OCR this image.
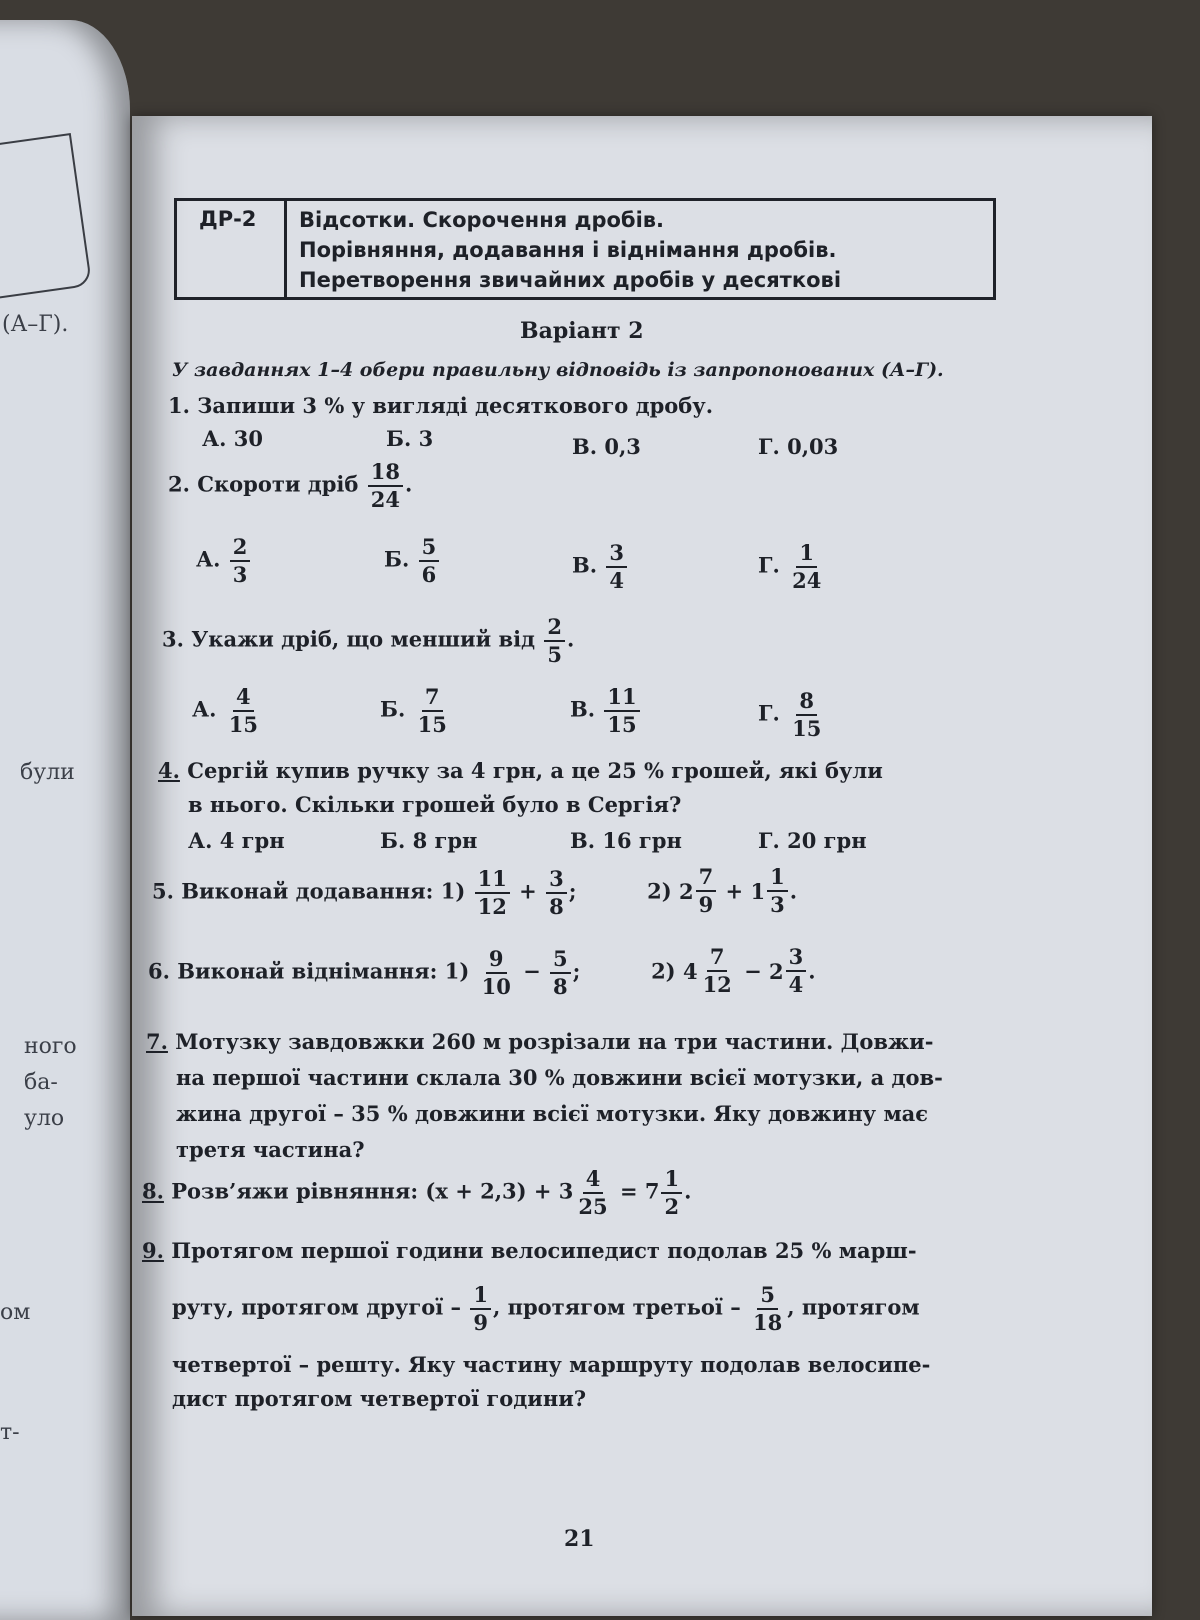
(А–Г).
були
ного
ба-
уло
ом
т-
ДР-2	Відсотки. Скорочення дробів.
Порівняння, додавання і віднімання дробів.
Перетворення звичайних дробів у десяткові
Варіант 2
У завданнях 1–4 обери правильну відповідь із запропонованих (А–Г).
1. Запиши 3 % у вигляді десяткового дробу.
А. 30	Б. 3	В. 0,3	Г. 0,03
2. Скороти дріб $\frac{18}{24}$ .
А. $\frac{2}{3}$	Б. $\frac{5}{6}$	В. $\frac{3}{4}$	Г. $\frac{1}{24}$
3. Укажи дріб, що менший від $\frac{2}{5}$ .
А. $\frac{4}{15}$	Б. $\frac{7}{15}$	В. $\frac{11}{15}$	Г. $\frac{8}{15}$
4. Сергій купив ручку за 4 грн, а це 25 % грошей, які були
в нього. Скільки грошей було в Сергія?
А. 4 грн	Б. 8 грн	В. 16 грн	Г. 20 грн
5. Виконай додавання: $1) \frac{11}{12} + \frac{3}{8}$ ;	2) $2 \frac{7}{9} + 1 \frac{1}{3}$ .
6. Виконай віднімання: $1) \frac{9}{10} - \frac{5}{8}$ ;	2) $4 \frac{7}{12} - 2 \frac{3}{4}$ .
7. Мотузку завдовжки 260 м розрізали на три частини. Довжи-
на першої частини склала 30 % довжини всієї мотузки, а дов-
жина другої – 35 % довжини всієї мотузки. Яку довжину має
третя частина?
8. Розв’яжи рівняння: $(x + 2,3) + 3 \frac{4}{25} = 7 \frac{1}{2}$ .
9. Протягом першої години велосипедист подолав 25 % марш-
руту, протягом другої – $\frac{1}{9}$ , протягом третьої – $\frac{5}{18}$ , протягом
четвертої – решту. Яку частину маршруту подолав велосипе-
дист протягом четвертої години?
21
